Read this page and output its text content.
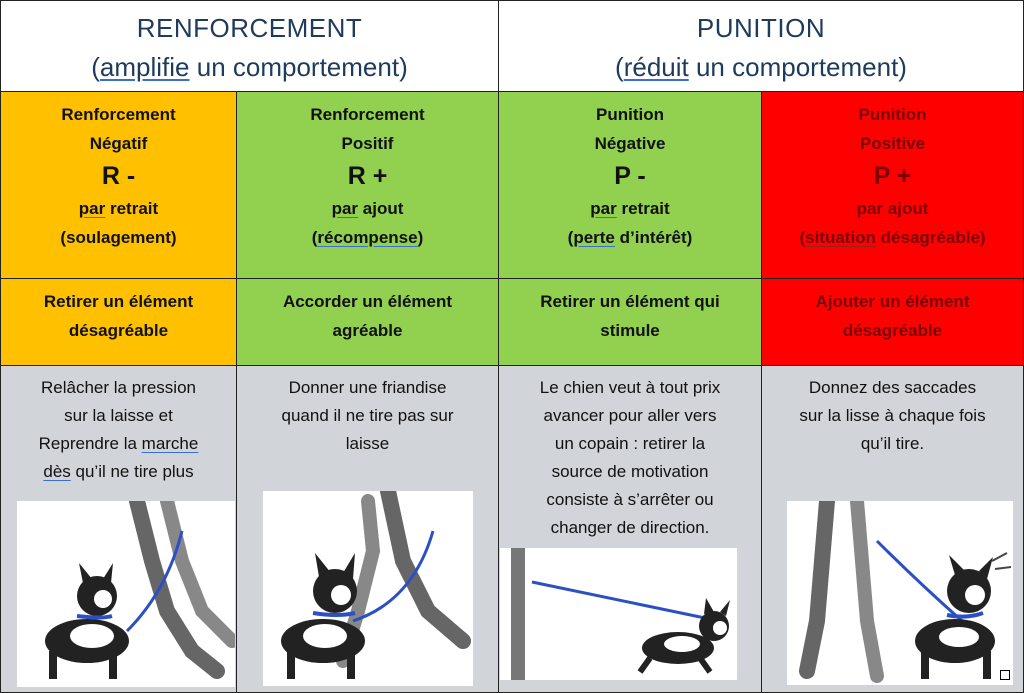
RENFORCEMENT
(amplifie un comportement)
PUNITION
(réduit un comportement)
Renforcement
Négatif
R -
par retrait
(soulagement)
Renforcement
Positif
R +
par ajout
(récompense)
Punition
Négative
P -
par retrait
(perte d’intérêt)
Punition
Positive
P +
par ajout
(situation désagréable)
Retirer un élément désagréable
Accorder un élément agréable
Retirer un élément qui stimule
Ajouter un élément désagréable
Relâcher la pression
sur la laisse et
Reprendre la marche
dès qu’il ne tire plus
Donner une friandise
quand il ne tire pas sur
laisse
Le chien veut à tout prix
avancer pour aller vers
un copain : retirer la
source de motivation
consiste à s’arrêter ou
changer de direction.
Donnez des saccades
sur la lisse à chaque fois
qu’il tire.
